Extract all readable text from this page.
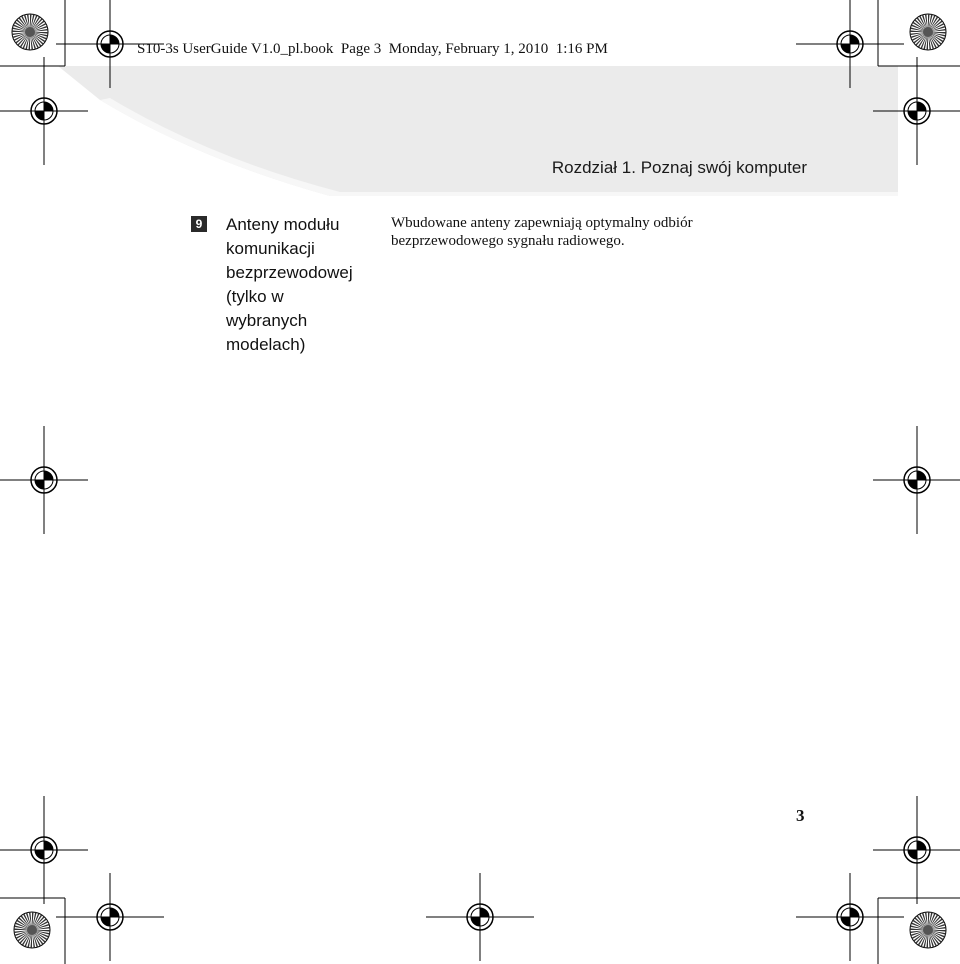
S10-3s UserGuide V1.0_pl.book  Page 3  Monday, February 1, 2010  1:16 PM
Rozdział 1. Poznaj swój komputer
9 Anteny modułu
komunikacji
bezprzewodowej
(tylko w
wybranych
modelach)
Wbudowane anteny zapewniają optymalny odbiór
bezprzewodowego sygnału radiowego.
3
